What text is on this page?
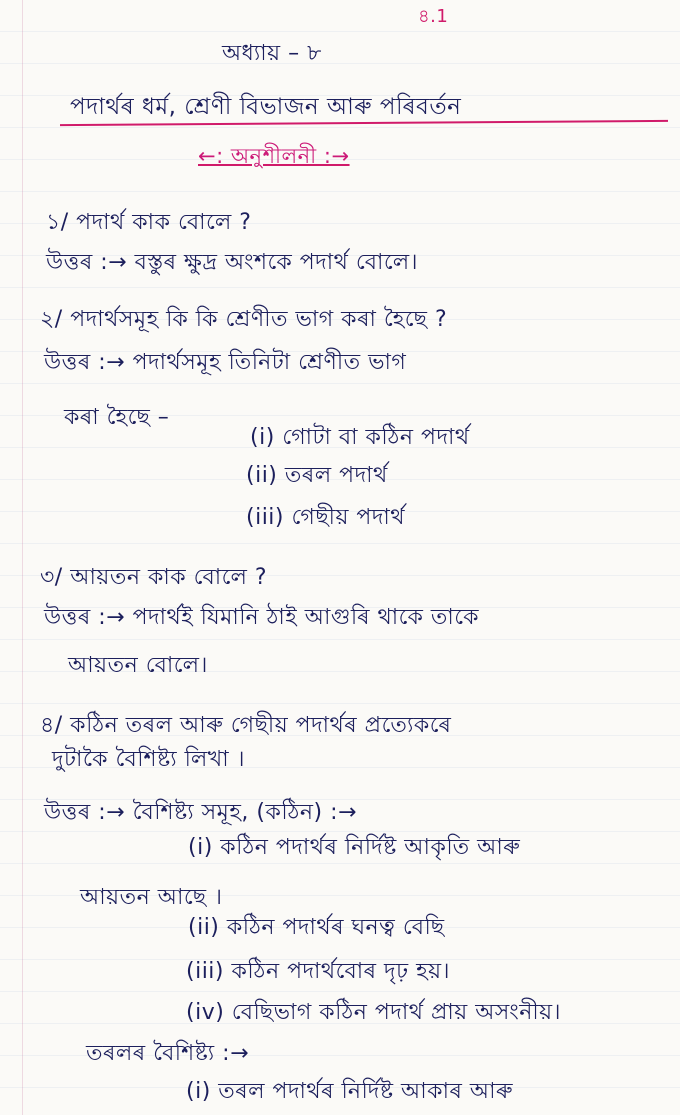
৪.1
অধ্যায় – ৮
পদাৰ্থৰ ধৰ্ম, শ্ৰেণী বিভাজন আৰু পৰিবৰ্তন
←: অনুশীলনী :→
১/ পদাৰ্থ কাক বোলে ?
উত্তৰ :→ বস্তুৰ ক্ষুদ্ৰ অংশকে পদাৰ্থ বোলে।
২/ পদাৰ্থসমূহ কি কি শ্ৰেণীত ভাগ কৰা হৈছে ?
উত্তৰ :→ পদাৰ্থসমূহ তিনিটা শ্ৰেণীত ভাগ
কৰা হৈছে –
(i) গোটা বা কঠিন পদাৰ্থ
(ii) তৰল পদাৰ্থ
(iii) গেছীয় পদাৰ্থ
৩/ আয়তন কাক বোলে ?
উত্তৰ :→ পদাৰ্থই যিমানি ঠাই আগুৰি থাকে তাকে
আয়তন বোলে।
৪/ কঠিন তৰল আৰু গেছীয় পদাৰ্থৰ প্ৰত্যেকৰে
দুটাকৈ বৈশিষ্ট্য লিখা ।
উত্তৰ :→ বৈশিষ্ট্য সমূহ, (কঠিন) :→
(i) কঠিন পদাৰ্থৰ নিৰ্দিষ্ট আকৃতি আৰু
আয়তন আছে ।
(ii) কঠিন পদাৰ্থৰ ঘনত্ব বেছি
(iii) কঠিন পদাৰ্থবোৰ দৃঢ় হয়।
(iv) বেছিভাগ কঠিন পদাৰ্থ প্ৰায় অসংনীয়।
তৰলৰ বৈশিষ্ট্য :→
(i) তৰল পদাৰ্থৰ নিৰ্দিষ্ট আকাৰ আৰু
